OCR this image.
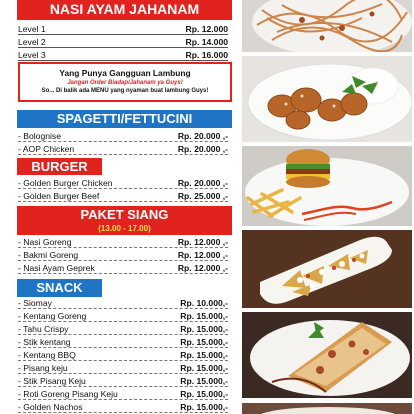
NASI AYAM JAHANAM
Level 1	Rp. 12.000
Level 2	Rp. 14.000
Level 3	Rp. 16.000
Yang Punya Gangguan Lambung
Jangan Order Biadap/Jahanam ya Guys!
So... Di balik ada MENU yang nyaman buat lambung Guys!
SPAGETTI/FETTUCINI
- Bolognise	Rp. 20.000 ,-
- AOP Chicken	Rp. 20.000 ,-
BURGER
- Golden Burger Chicken	Rp. 20.000 ,-
- Golden Burger Beef	Rp. 25.000 ,-
PAKET SIANG
(13.00 - 17.00)
- Nasi Goreng	Rp. 12.000 ,-
- Bakmi Goreng	Rp. 12.000 ,-
- Nasi Ayam Geprek	Rp. 12.000 ,-
SNACK
- Siomay	Rp. 10.000,-
- Kentang Goreng	Rp. 15.000,-
- Tahu Crispy	Rp. 15.000,-
- Stik kentang	Rp. 15.000,-
- Kentang BBQ	Rp. 15.000,-
- Pisang keju	Rp. 15.000,-
- Stik Pisang Keju	Rp. 15.000,-
- Roti Goreng Pisang Keju	Rp. 15.000,-
- Golden Nachos	Rp. 15.000,-
